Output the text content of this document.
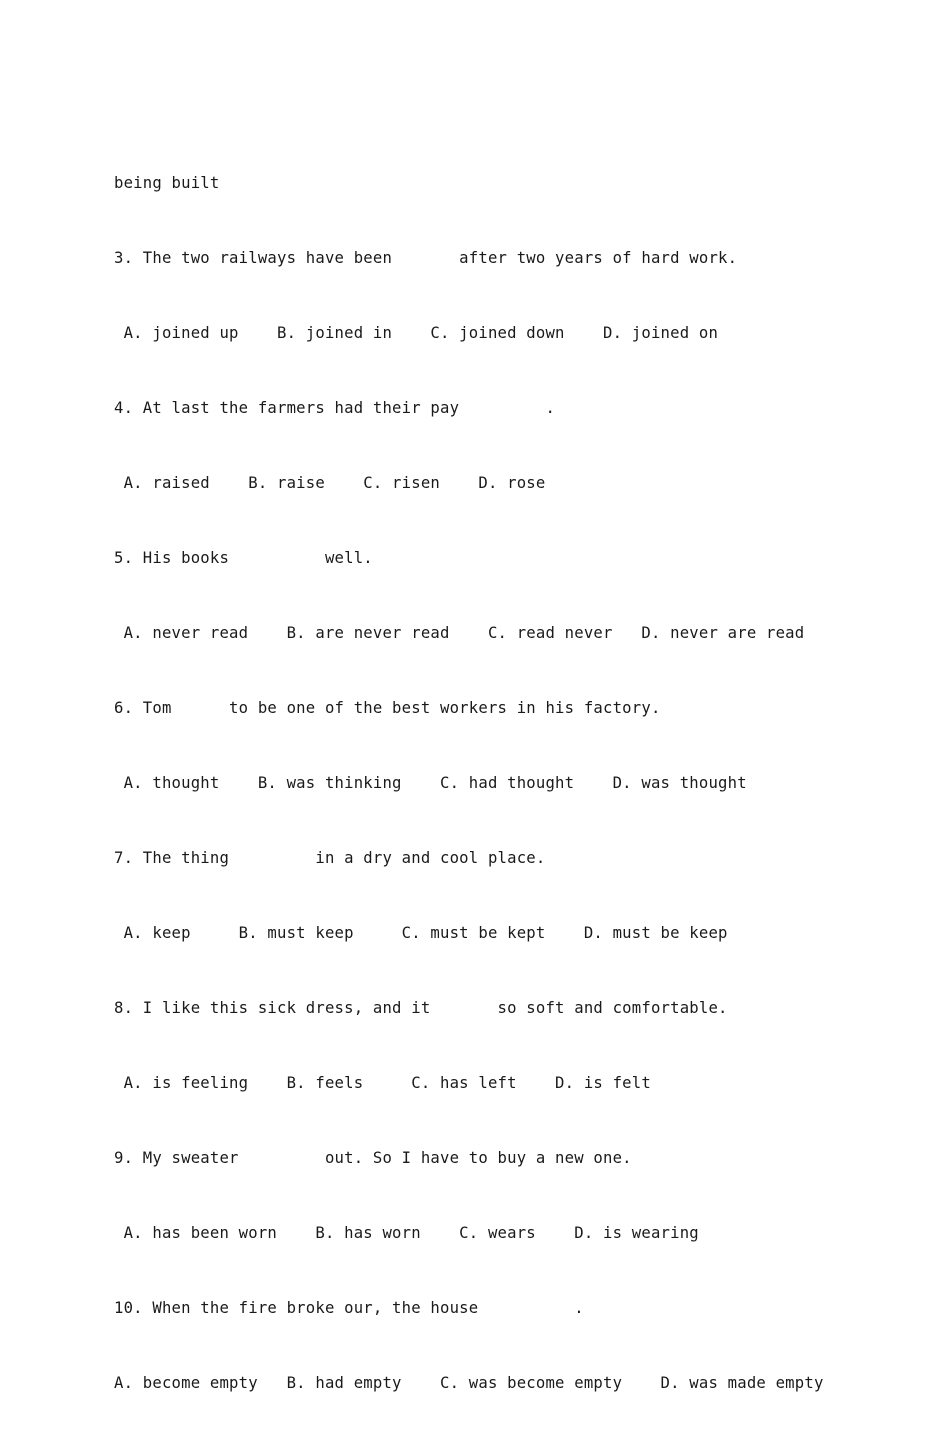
being built

3. The two railways have been       after two years of hard work.

A. joined up    B. joined in    C. joined down    D. joined on

4. At last the farmers had their pay         .

A. raised    B. raise    C. risen    D. rose

5. His books          well.

A. never read    B. are never read    C. read never   D. never are read

6. Tom      to be one of the best workers in his factory.

A. thought    B. was thinking    C. had thought    D. was thought

7. The thing         in a dry and cool place.

A. keep     B. must keep     C. must be kept    D. must be keep

8. I like this sick dress, and it       so soft and comfortable.

A. is feeling    B. feels     C. has left    D. is felt

9. My sweater         out. So I have to buy a new one.

A. has been worn    B. has worn    C. wears    D. is wearing

10. When the fire broke our, the house          .

A. become empty   B. had empty    C. was become empty    D. was made empty
